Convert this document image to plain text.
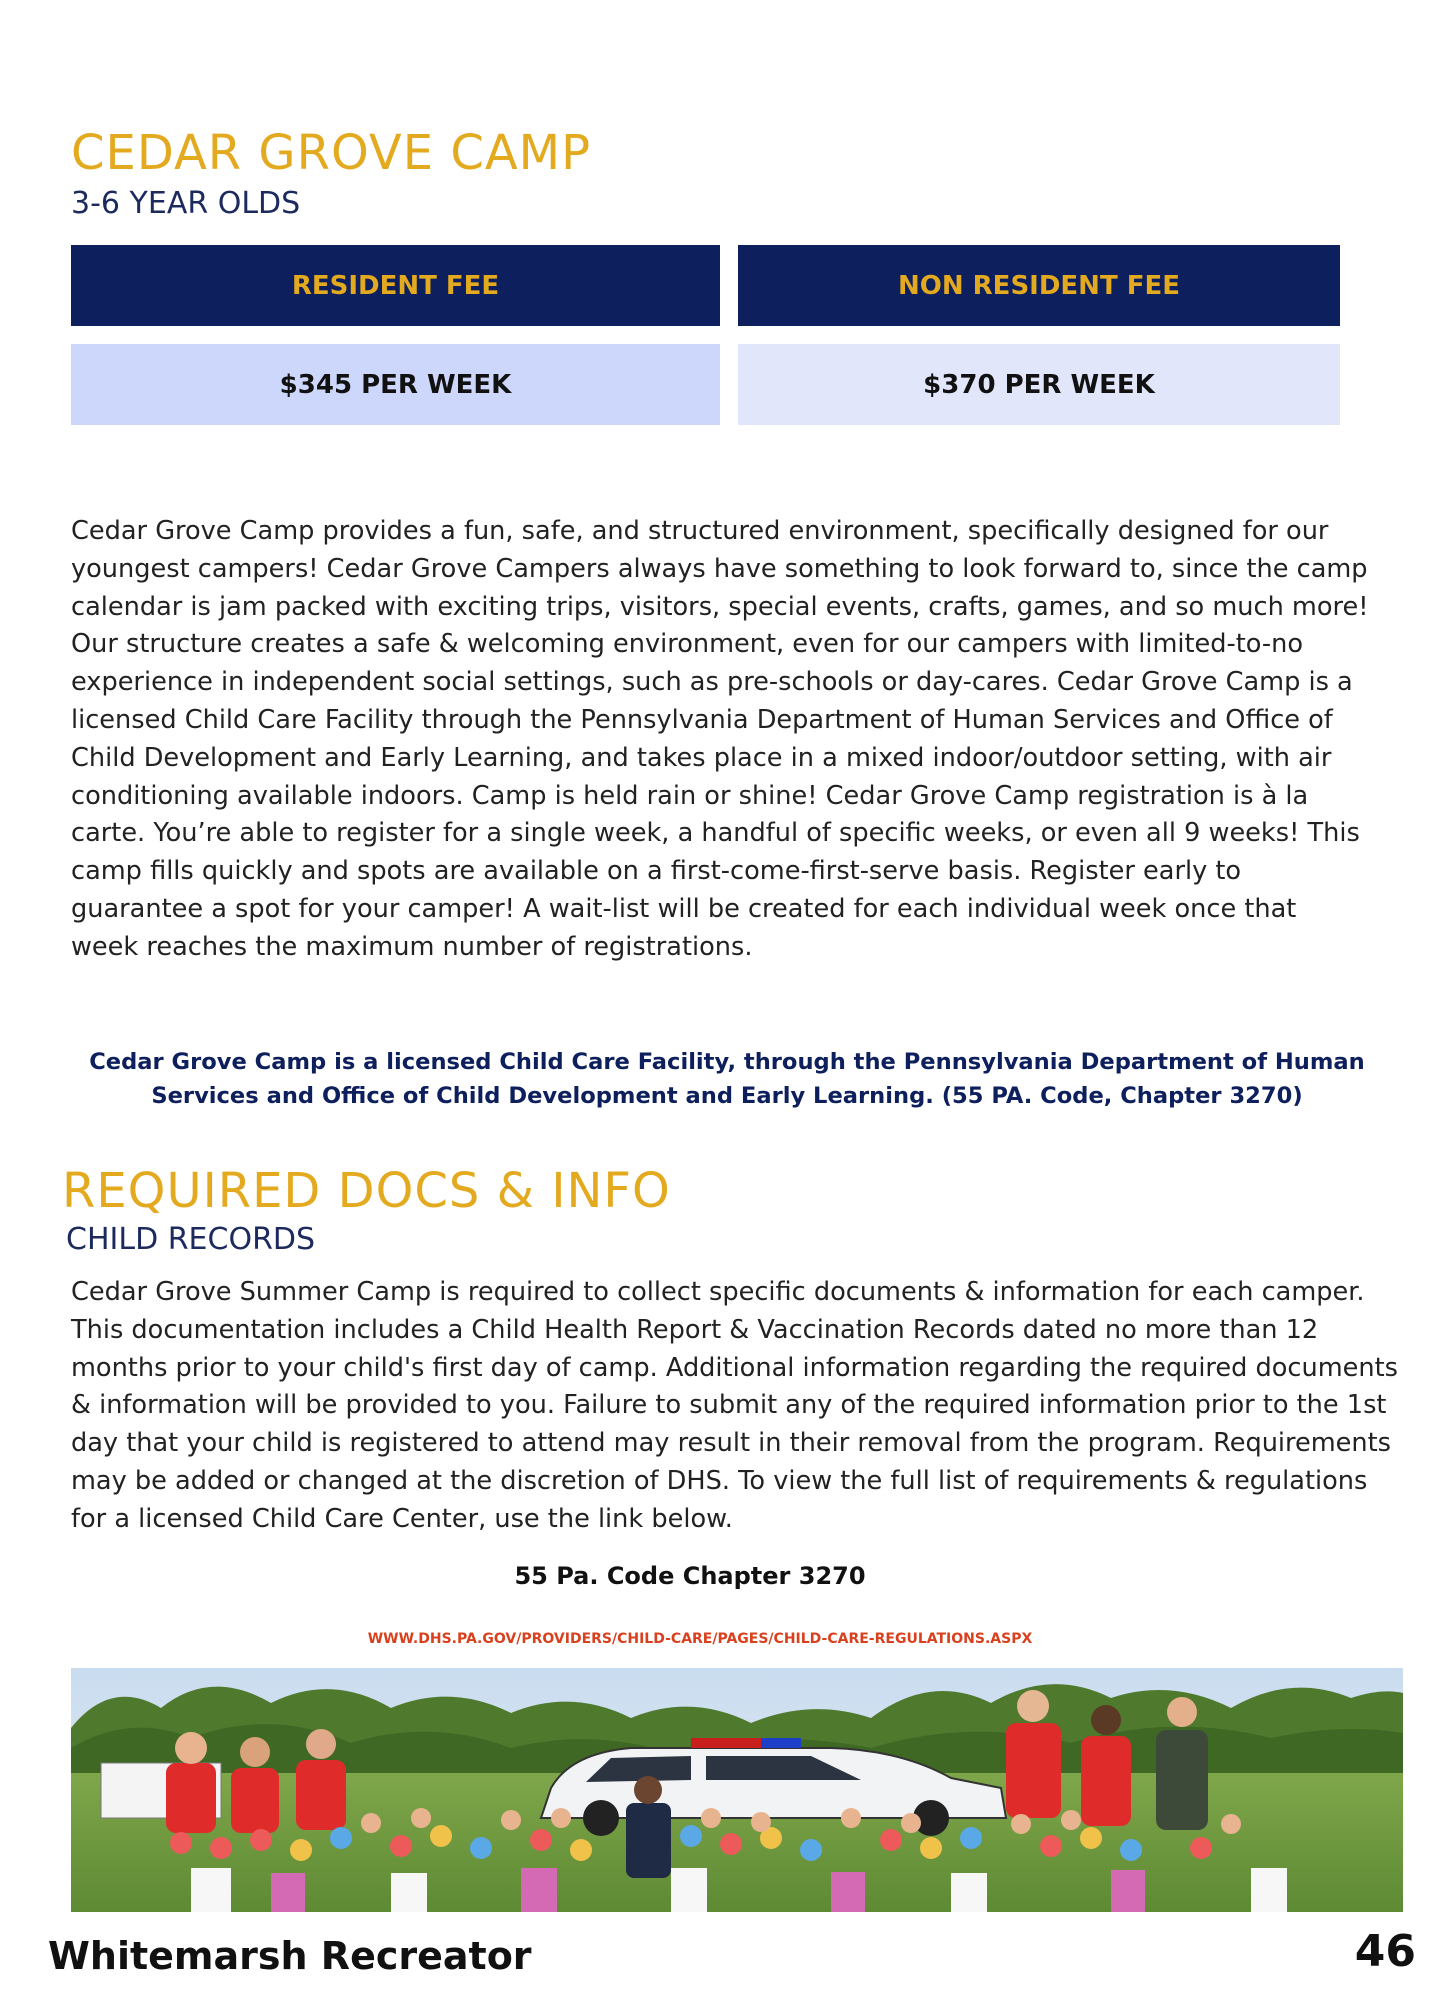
CEDAR GROVE CAMP
3-6 YEAR OLDS
RESIDENT FEE	NON RESIDENT FEE
$345 PER WEEK	$370 PER WEEK

Cedar Grove Camp provides a fun, safe, and structured environment, specifically designed for our youngest campers! Cedar Grove Campers always have something to look forward to, since the camp calendar is jam packed with exciting trips, visitors, special events, crafts, games, and so much more! Our structure creates a safe & welcoming environment, even for our campers with limited-to-no experience in independent social settings, such as pre-schools or day-cares. Cedar Grove Camp is a licensed Child Care Facility through the Pennsylvania Department of Human Services and Office of Child Development and Early Learning, and takes place in a mixed indoor/outdoor setting, with air conditioning available indoors. Camp is held rain or shine! Cedar Grove Camp registration is à la carte. You’re able to register for a single week, a handful of specific weeks, or even all 9 weeks! This camp fills quickly and spots are available on a first-come-first-serve basis. Register early to guarantee a spot for your camper! A wait-list will be created for each individual week once that week reaches the maximum number of registrations.

Cedar Grove Camp is a licensed Child Care Facility, through the Pennsylvania Department of Human Services and Office of Child Development and Early Learning. (55 PA. Code, Chapter 3270)

REQUIRED DOCS & INFO
CHILD RECORDS

Cedar Grove Summer Camp is required to collect specific documents & information for each camper. This documentation includes a Child Health Report & Vaccination Records dated no more than 12 months prior to your child's first day of camp. Additional information regarding the required documents & information will be provided to you. Failure to submit any of the required information prior to the 1st day that your child is registered to attend may result in their removal from the program. Requirements may be added or changed at the discretion of DHS. To view the full list of requirements & regulations for a licensed Child Care Center, use the link below.

55 Pa. Code Chapter 3270
WWW.DHS.PA.GOV/PROVIDERS/CHILD-CARE/PAGES/CHILD-CARE-REGULATIONS.ASPX
Whitemarsh Recreator	46
